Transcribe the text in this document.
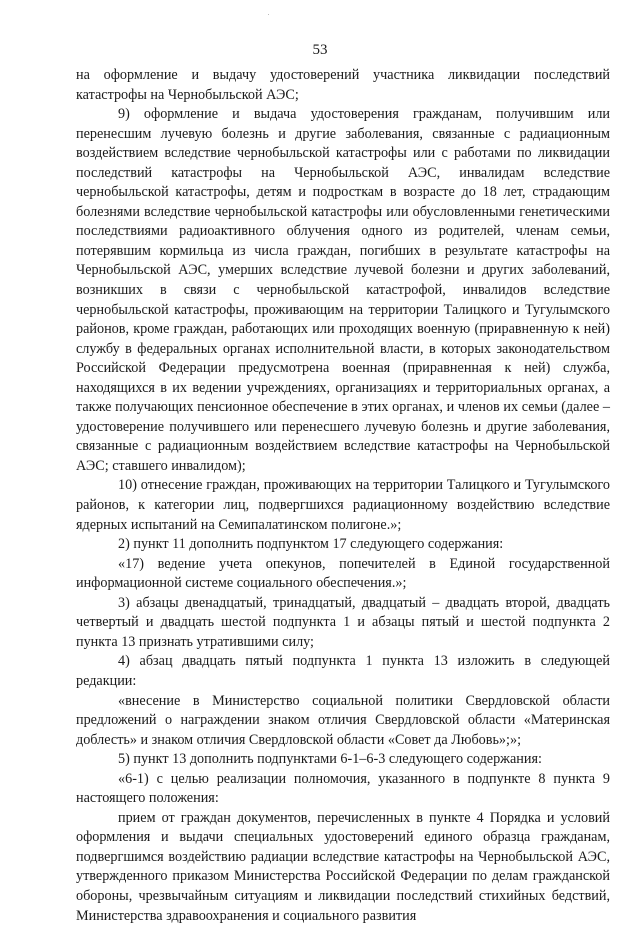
53

на оформление и выдачу удостоверений участника ликвидации последствий катастрофы на Чернобыльской АЭС;

9) оформление и выдача удостоверения гражданам, получившим или перенесшим лучевую болезнь и другие заболевания, связанные с радиационным воздействием вследствие чернобыльской катастрофы или с работами по ликвидации последствий катастрофы на Чернобыльской АЭС, инвалидам вследствие чернобыльской катастрофы, детям и подросткам в возрасте до 18 лет, страдающим болезнями вследствие чернобыльской катастрофы или обусловленными генетическими последствиями радиоактивного облучения одного из родителей, членам семьи, потерявшим кормильца из числа граждан, погибших в результате катастрофы на Чернобыльской АЭС, умерших вследствие лучевой болезни и других заболеваний, возникших в связи с чернобыльской катастрофой, инвалидов вследствие чернобыльской катастрофы, проживающим на территории Талицкого и Тугулымского районов, кроме граждан, работающих или проходящих военную (приравненную к ней) службу в федеральных органах исполнительной власти, в которых законодательством Российской Федерации предусмотрена военная (приравненная к ней) служба, находящихся в их ведении учреждениях, организациях и территориальных органах, а также получающих пенсионное обеспечение в этих органах, и членов их семьи (далее – удостоверение получившего или перенесшего лучевую болезнь и другие заболевания, связанные с радиационным воздействием вследствие катастрофы на Чернобыльской АЭС; ставшего инвалидом);

10) отнесение граждан, проживающих на территории Талицкого и Тугулымского районов, к категории лиц, подвергшихся радиационному воздействию вследствие ядерных испытаний на Семипалатинском полигоне.»;

2) пункт 11 дополнить подпунктом 17 следующего содержания:

«17) ведение учета опекунов, попечителей в Единой государственной информационной системе социального обеспечения.»;

3) абзацы двенадцатый, тринадцатый, двадцатый – двадцать второй, двадцать четвертый и двадцать шестой подпункта 1 и абзацы пятый и шестой подпункта 2 пункта 13 признать утратившими силу;

4) абзац двадцать пятый подпункта 1 пункта 13 изложить в следующей редакции:

«внесение в Министерство социальной политики Свердловской области предложений о награждении знаком отличия Свердловской области «Материнская доблесть» и знаком отличия Свердловской области «Совет да Любовь»;»;

5) пункт 13 дополнить подпунктами 6-1–6-3 следующего содержания:

«6-1) с целью реализации полномочия, указанного в подпункте 8 пункта 9 настоящего положения:

прием от граждан документов, перечисленных в пункте 4 Порядка и условий оформления и выдачи специальных удостоверений единого образца гражданам, подвергшимся воздействию радиации вследствие катастрофы на Чернобыльской АЭС, утвержденного приказом Министерства Российской Федерации по делам гражданской обороны, чрезвычайным ситуациям и ликвидации последствий стихийных бедствий, Министерства здравоохранения и социального развития
